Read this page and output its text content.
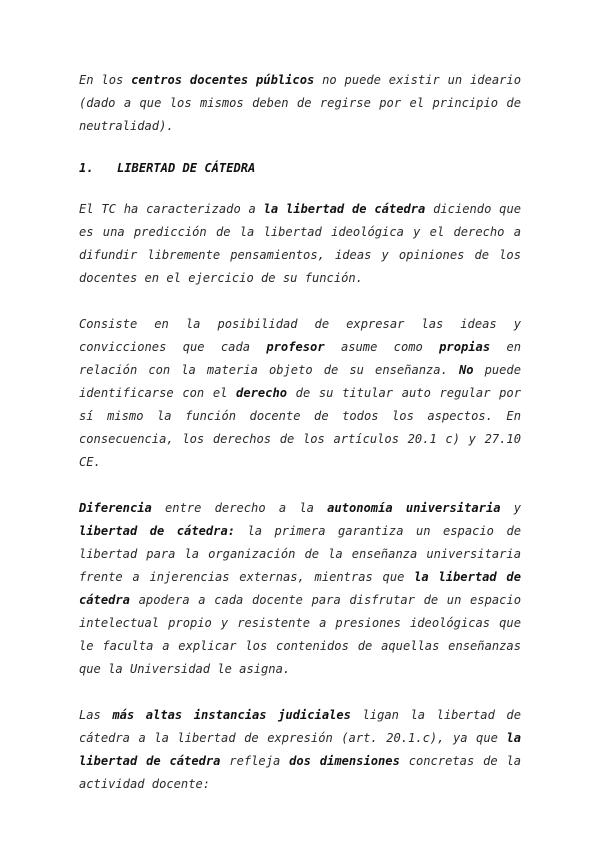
En los centros docentes públicos no puede existir un ideario (dado a que los mismos deben de regirse por el principio de neutralidad).

1. LIBERTAD DE CÁTEDRA

El TC ha caracterizado a la libertad de cátedra diciendo que es una predicción de la libertad ideológica y el derecho a difundir libremente pensamientos, ideas y opiniones de los docentes en el ejercicio de su función.

Consiste en la posibilidad de expresar las ideas y convicciones que cada profesor asume como propias en relación con la materia objeto de su enseñanza. No puede identificarse con el derecho de su titular auto regular por sí mismo la función docente de todos los aspectos. En consecuencia, los derechos de los artículos 20.1 c) y 27.10 CE.

Diferencia entre derecho a la autonomía universitaria y libertad de cátedra: la primera garantiza un espacio de libertad para la organización de la enseñanza universitaria frente a injerencias externas, mientras que la libertad de cátedra apodera a cada docente para disfrutar de un espacio intelectual propio y resistente a presiones ideológicas que le faculta a explicar los contenidos de aquellas enseñanzas que la Universidad le asigna.

Las más altas instancias judiciales ligan la libertad de cátedra a la libertad de expresión (art. 20.1.c), ya que la libertad de cátedra refleja dos dimensiones concretas de la actividad docente:
